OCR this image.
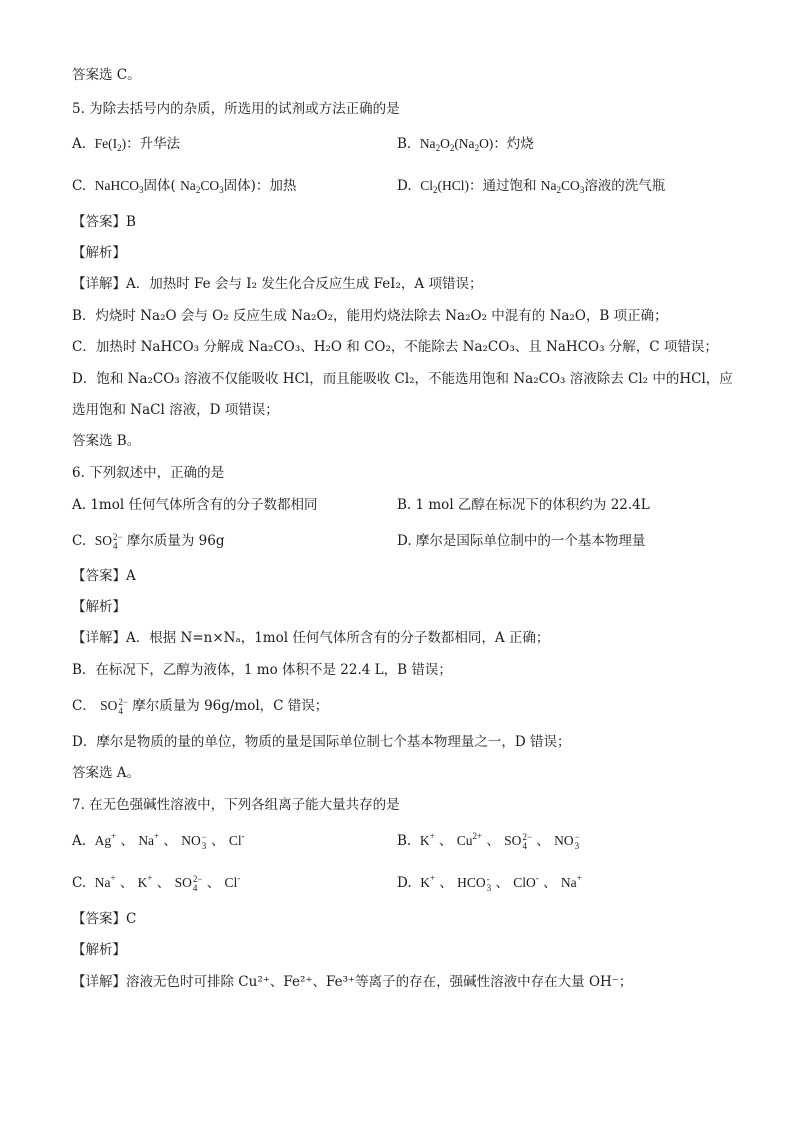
答案选 C。
5. 为除去括号内的杂质，所选用的试剂或方法正确的是
A. $Fe(I_2)$：升华法	B. $Na_2O_2(Na_2O)$：灼烧
C. NaHCO$_3$固体( $Na_2CO_3$固体)：加热	D. $Cl_2(HCl)$：通过饱和 $Na_2CO_3$溶液的洗气瓶
【答案】B
【解析】
【详解】A．加热时 Fe 会与 I₂ 发生化合反应生成 FeI₂，A 项错误；
B．灼烧时 Na₂O 会与 O₂ 反应生成 Na₂O₂，能用灼烧法除去 Na₂O₂ 中混有的 Na₂O，B 项正确；
C．加热时 NaHCO₃ 分解成 Na₂CO₃、H₂O 和 CO₂，不能除去 Na₂CO₃、且 NaHCO₃ 分解，C 项错误；
D．饱和 Na₂CO₃ 溶液不仅能吸收 HCl，而且能吸收 Cl₂，不能选用饱和 Na₂CO₃ 溶液除去 Cl₂ 中的HCl，应
选用饱和 NaCl 溶液，D 项错误；
答案选 B。
6. 下列叙述中，正确的是
A. 1mol 任何气体所含有的分子数都相同	B. 1 mol 乙醇在标况下的体积约为 22.4L
C. SO 2−
4 摩尔质量为 96g	D. 摩尔是国际单位制中的一个基本物理量
【答案】A
【解析】
【详解】A．根据 N=n×Nₐ，1mol 任何气体所含有的分子数都相同，A 正确；
B．在标况下，乙醇为液体，1 mo 体积不是 22.4 L，B 错误；
C． SO 2−
4 摩尔质量为 96g/mol，C 错误；
D．摩尔是物质的量的单位，物质的量是国际单位制七个基本物理量之一，D 错误；
答案选 A。
7. 在无色强碱性溶液中，下列各组离子能大量共存的是
A. Ag+ 、 Na+ 、 NO −
3 、 Cl-	B. K+ 、 $Cu^{2+}$ 、 SO 2−
4 、 NO −
3
C. Na+ 、 K+ 、 SO 2−
4 、 Cl-	D. K+ 、 HCO -
3 、 ClO- 、 Na+
【答案】C
【解析】
【详解】溶液无色时可排除 Cu²⁺、Fe²⁺、Fe³⁺等离子的存在，强碱性溶液中存在大量 OH⁻；
